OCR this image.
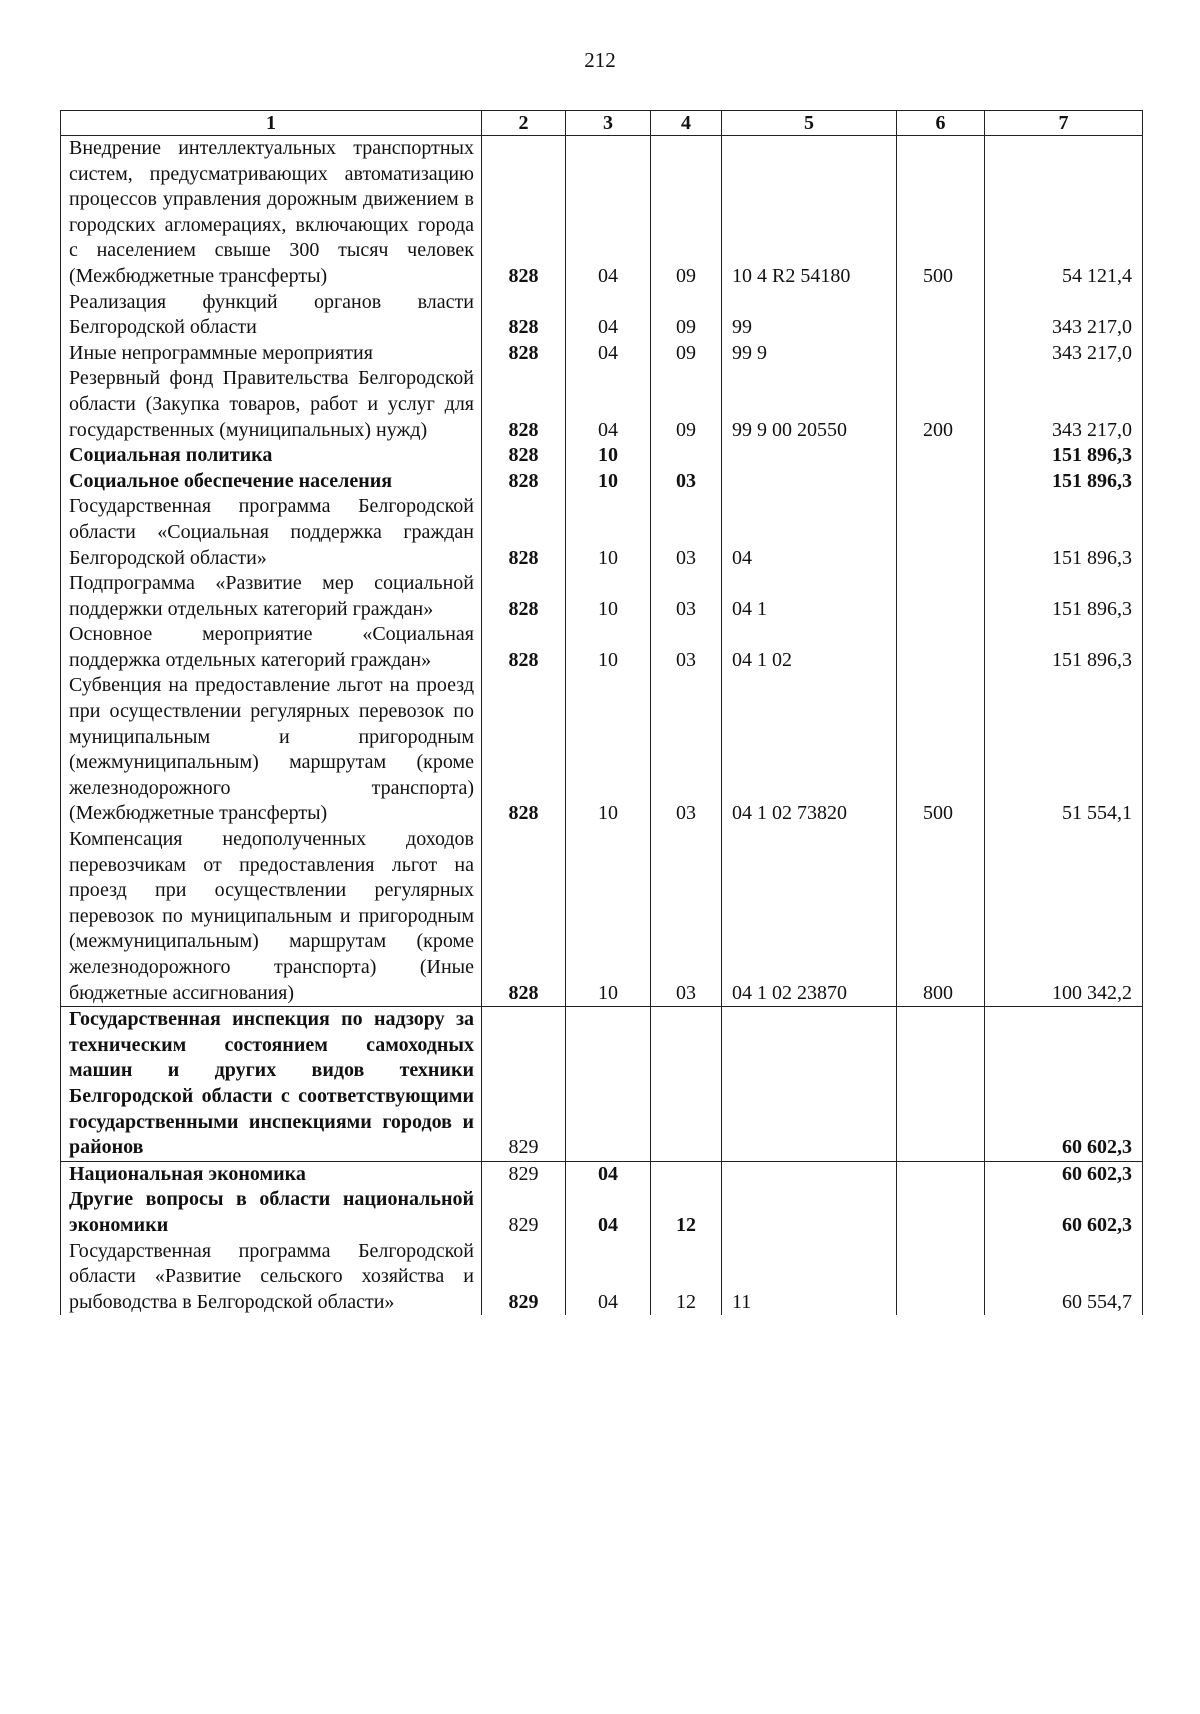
212
1	2	3	4	5	6	7
Внедрение интеллектуальных транспортных систем, предусматривающих автоматизацию процессов управления дорожным движением в городских агломерациях, включающих города с населением свыше 300 тысяч человек (Межбюджетные трансферты)	828	04	09	10 4 R2 54180	500	54 121,4
Реализация функций органов власти Белгородской области	828	04	09	99		343 217,0
Иные непрограммные мероприятия	828	04	09	99 9		343 217,0
Резервный фонд Правительства Белгородской области (Закупка товаров, работ и услуг для государственных (муниципальных) нужд)	828	04	09	99 9 00 20550	200	343 217,0
Социальная политика	828	10				151 896,3
Социальное обеспечение населения	828	10	03			151 896,3
Государственная программа Белгородской области «Социальная поддержка граждан Белгородской области»	828	10	03	04		151 896,3
Подпрограмма «Развитие мер социальной поддержки отдельных категорий граждан»	828	10	03	04 1		151 896,3
Основное мероприятие «Социальная поддержка отдельных категорий граждан»	828	10	03	04 1 02		151 896,3
Субвенция на предоставление льгот на проезд при осуществлении регулярных перевозок по муниципальным и пригородным (межмуниципальным) маршрутам (кроме железнодорожного транспорта) (Межбюджетные трансферты)	828	10	03	04 1 02 73820	500	51 554,1
Компенсация недополученных доходов перевозчикам от предоставления льгот на проезд при осуществлении регулярных перевозок по муниципальным и пригородным (межмуниципальным) маршрутам (кроме железнодорожного транспорта) (Иные бюджетные ассигнования)	828	10	03	04 1 02 23870	800	100 342,2
Государственная инспекция по надзору за техническим состоянием самоходных машин и других видов техники Белгородской области с соответствующими государственными инспекциями городов и районов	829					60 602,3
Национальная экономика	829	04				60 602,3
Другие вопросы в области национальной экономики	829	04	12			60 602,3
Государственная программа Белгородской области «Развитие сельского хозяйства и рыбоводства в Белгородской области»	829	04	12	11		60 554,7
